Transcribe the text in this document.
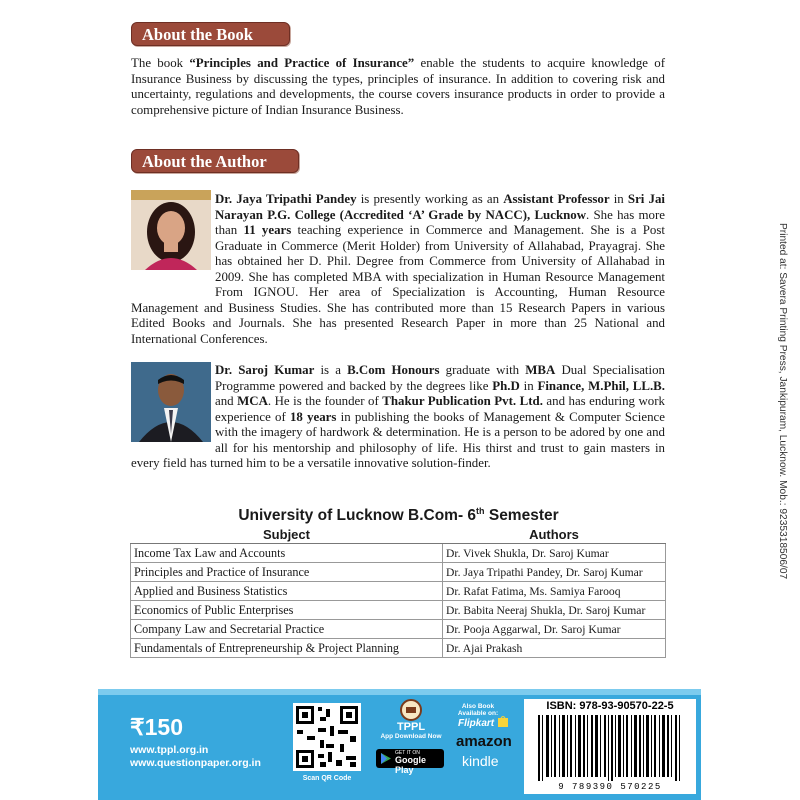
About the Book

The book “Principles and Practice of Insurance” enable the students to acquire knowledge of Insurance Business by discussing the types, principles of insurance. In addition to covering risk and uncertainty, regulations and developments, the course covers insurance products in order to provide a comprehensive picture of Indian Insurance Business.

About the Author

Dr. Jaya Tripathi Pandey is presently working as an Assistant Professor in Sri Jai Narayan P.G. College (Accredited ‘A’ Grade by NACC), Lucknow. She has more than 11 years teaching experience in Commerce and Management. She is a Post Graduate in Commerce (Merit Holder) from University of Allahabad, Prayagraj. She has obtained her D. Phil. Degree from Commerce from University of Allahabad in 2009. She has completed MBA with specialization in Human Resource Management From IGNOU. Her area of Specialization is Accounting, Human Resource Management and Business Studies. She has contributed more than 15 Research Papers in various Edited Books and Journals. She has presented Research Paper in more than 25 National and International Conferences.

Dr. Saroj Kumar is a B.Com Honours graduate with MBA Dual Specialisation Programme powered and backed by the degrees like Ph.D in Finance, M.Phil, LL.B. and MCA. He is the founder of Thakur Publication Pvt. Ltd. and has enduring work experience of 18 years in publishing the books of Management & Computer Science with the imagery of hardwork & determination. He is a person to be adored by one and all for his mentorship and philosophy of life. His thirst and trust to gain masters in every field has turned him to be a versatile innovative solution-finder.	Printed at: Savera Printing Press, Jankipuram, Lucknow. Mob.: 9235318506/07
University of Lucknow B.Com- 6th Semester
Subject	Authors
Income Tax Law and Accounts	Dr. Vivek Shukla, Dr. Saroj Kumar
Principles and Practice of Insurance	Dr. Jaya Tripathi Pandey, Dr. Saroj Kumar
Applied and Business Statistics	Dr. Rafat Fatima, Ms. Samiya Farooq
Economics of Public Enterprises	Dr. Babita Neeraj Shukla, Dr. Saroj Kumar
Company Law and Secretarial Practice	Dr. Pooja Aggarwal, Dr. Saroj Kumar
Fundamentals of Entrepreneurship & Project Planning	Dr. Ajai Prakash
₹150
www.tppl.org.in
www.questionpaper.org.in
Scan QR Code
TPPL
App Download Now
GET IT ON
Google Play
Also Book Available on:
Flipkart
amazon
kindle
ISBN: 978-93-90570-22-5
9 789390 570225
